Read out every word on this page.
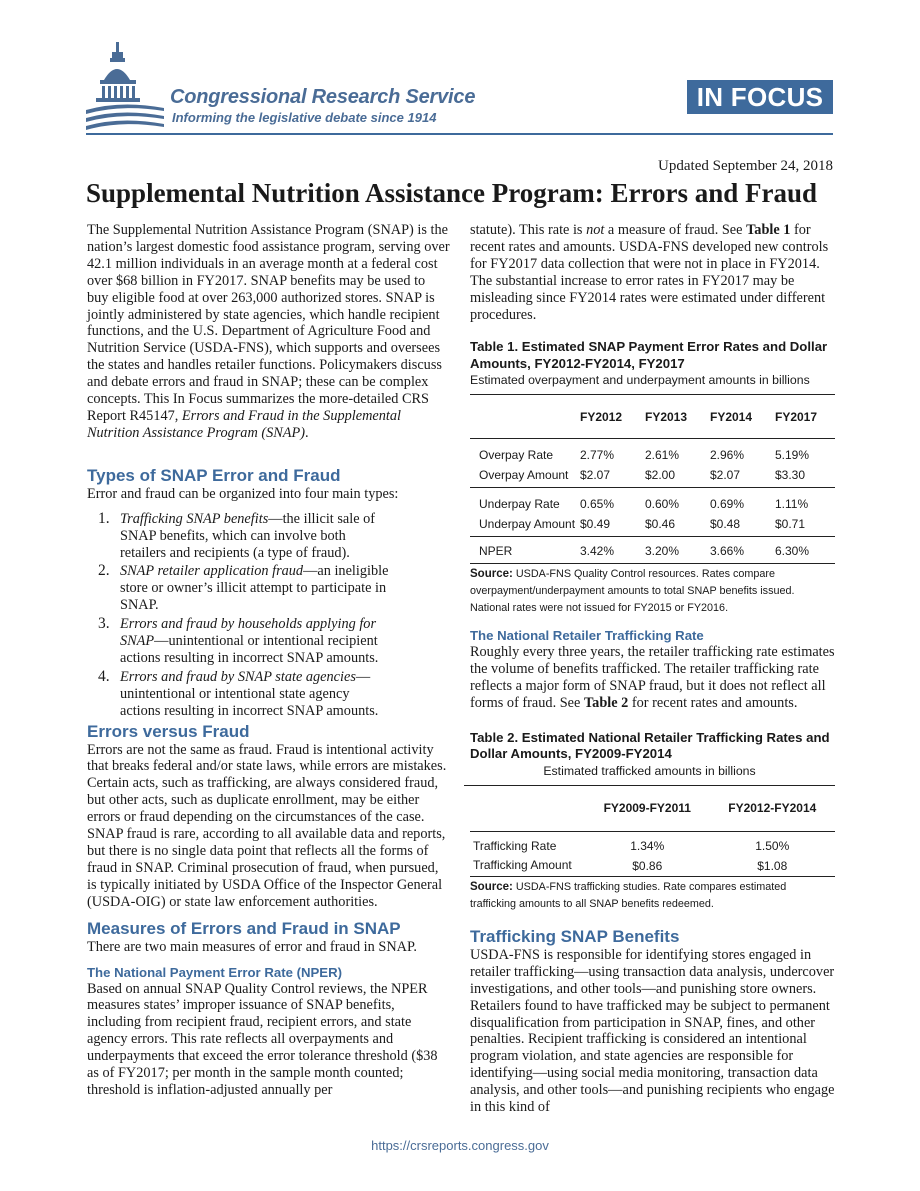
Congressional Research Service
Informing the legislative debate since 1914
IN FOCUS
Updated September 24, 2018
Supplemental Nutrition Assistance Program: Errors and Fraud

The Supplemental Nutrition Assistance Program (SNAP) is the nation’s largest domestic food assistance program, serving over 42.1 million individuals in an average month at a federal cost over $68 billion in FY2017. SNAP benefits may be used to buy eligible food at over 263,000 authorized stores. SNAP is jointly administered by state agencies, which handle recipient functions, and the U.S. Department of Agriculture Food and Nutrition Service (USDA-FNS), which supports and oversees the states and handles retailer functions. Policymakers discuss and debate errors and fraud in SNAP; these can be complex concepts. This In Focus summarizes the more-detailed CRS Report R45147, Errors and Fraud in the Supplemental Nutrition Assistance Program (SNAP).

Types of SNAP Error and Fraud

Error and fraud can be organized into four main types:

1. Trafficking SNAP benefits—the illicit sale of SNAP benefits, which can involve both retailers and recipients (a type of fraud).
2. SNAP retailer application fraud—an ineligible store or owner’s illicit attempt to participate in SNAP.
3. Errors and fraud by households applying for SNAP—unintentional or intentional recipient actions resulting in incorrect SNAP amounts.
4. Errors and fraud by SNAP state agencies—unintentional or intentional state agency actions resulting in incorrect SNAP amounts.
Errors versus Fraud

Errors are not the same as fraud. Fraud is intentional activity that breaks federal and/or state laws, while errors are mistakes. Certain acts, such as trafficking, are always considered fraud, but other acts, such as duplicate enrollment, may be either errors or fraud depending on the circumstances of the case. SNAP fraud is rare, according to all available data and reports, but there is no single data point that reflects all the forms of fraud in SNAP. Criminal prosecution of fraud, when pursued, is typically initiated by USDA Office of the Inspector General (USDA-OIG) or state law enforcement authorities.

Measures of Errors and Fraud in SNAP

There are two main measures of error and fraud in SNAP.

The National Payment Error Rate (NPER)

Based on annual SNAP Quality Control reviews, the NPER measures states’ improper issuance of SNAP benefits, including from recipient fraud, recipient errors, and state agency errors. This rate reflects all overpayments and underpayments that exceed the error tolerance threshold ($38 as of FY2017; per month in the sample month counted; threshold is inflation-adjusted annually per

statute). This rate is not a measure of fraud. See Table 1 for recent rates and amounts. USDA-FNS developed new controls for FY2017 data collection that were not in place in FY2014. The substantial increase to error rates in FY2017 may be misleading since FY2014 rates were estimated under different procedures.

Table 1. Estimated SNAP Payment Error Rates and Dollar Amounts, FY2012-FY2014, FY2017
Estimated overpayment and underpayment amounts in billions
	FY2012	FY2013	FY2014	FY2017
Overpay Rate	2.77%	2.61%	2.96%	5.19%
Overpay Amount	$2.07	$2.00	$2.07	$3.30
Underpay Rate	0.65%	0.60%	0.69%	1.11%
Underpay Amount	$0.49	$0.46	$0.48	$0.71
NPER	3.42%	3.20%	3.66%	6.30%
Source: USDA-FNS Quality Control resources. Rates compare overpayment/underpayment amounts to total SNAP benefits issued. National rates were not issued for FY2015 or FY2016.
The National Retailer Trafficking Rate

Roughly every three years, the retailer trafficking rate estimates the volume of benefits trafficked. The retailer trafficking rate reflects a major form of SNAP fraud, but it does not reflect all forms of fraud. See Table 2 for recent rates and amounts.

Table 2. Estimated National Retailer Trafficking Rates and Dollar Amounts, FY2009-FY2014
Estimated trafficked amounts in billions
	FY2009-FY2011	FY2012-FY2014
Trafficking Rate	1.34%	1.50%
Trafficking Amount	$0.86	$1.08
Source: USDA-FNS trafficking studies. Rate compares estimated trafficking amounts to all SNAP benefits redeemed.
Trafficking SNAP Benefits

USDA-FNS is responsible for identifying stores engaged in retailer trafficking—using transaction data analysis, undercover investigations, and other tools—and punishing store owners. Retailers found to have trafficked may be subject to permanent disqualification from participation in SNAP, fines, and other penalties. Recipient trafficking is considered an intentional program violation, and state agencies are responsible for identifying—using social media monitoring, transaction data analysis, and other tools—and punishing recipients who engage in this kind of

https://crsreports.congress.gov
